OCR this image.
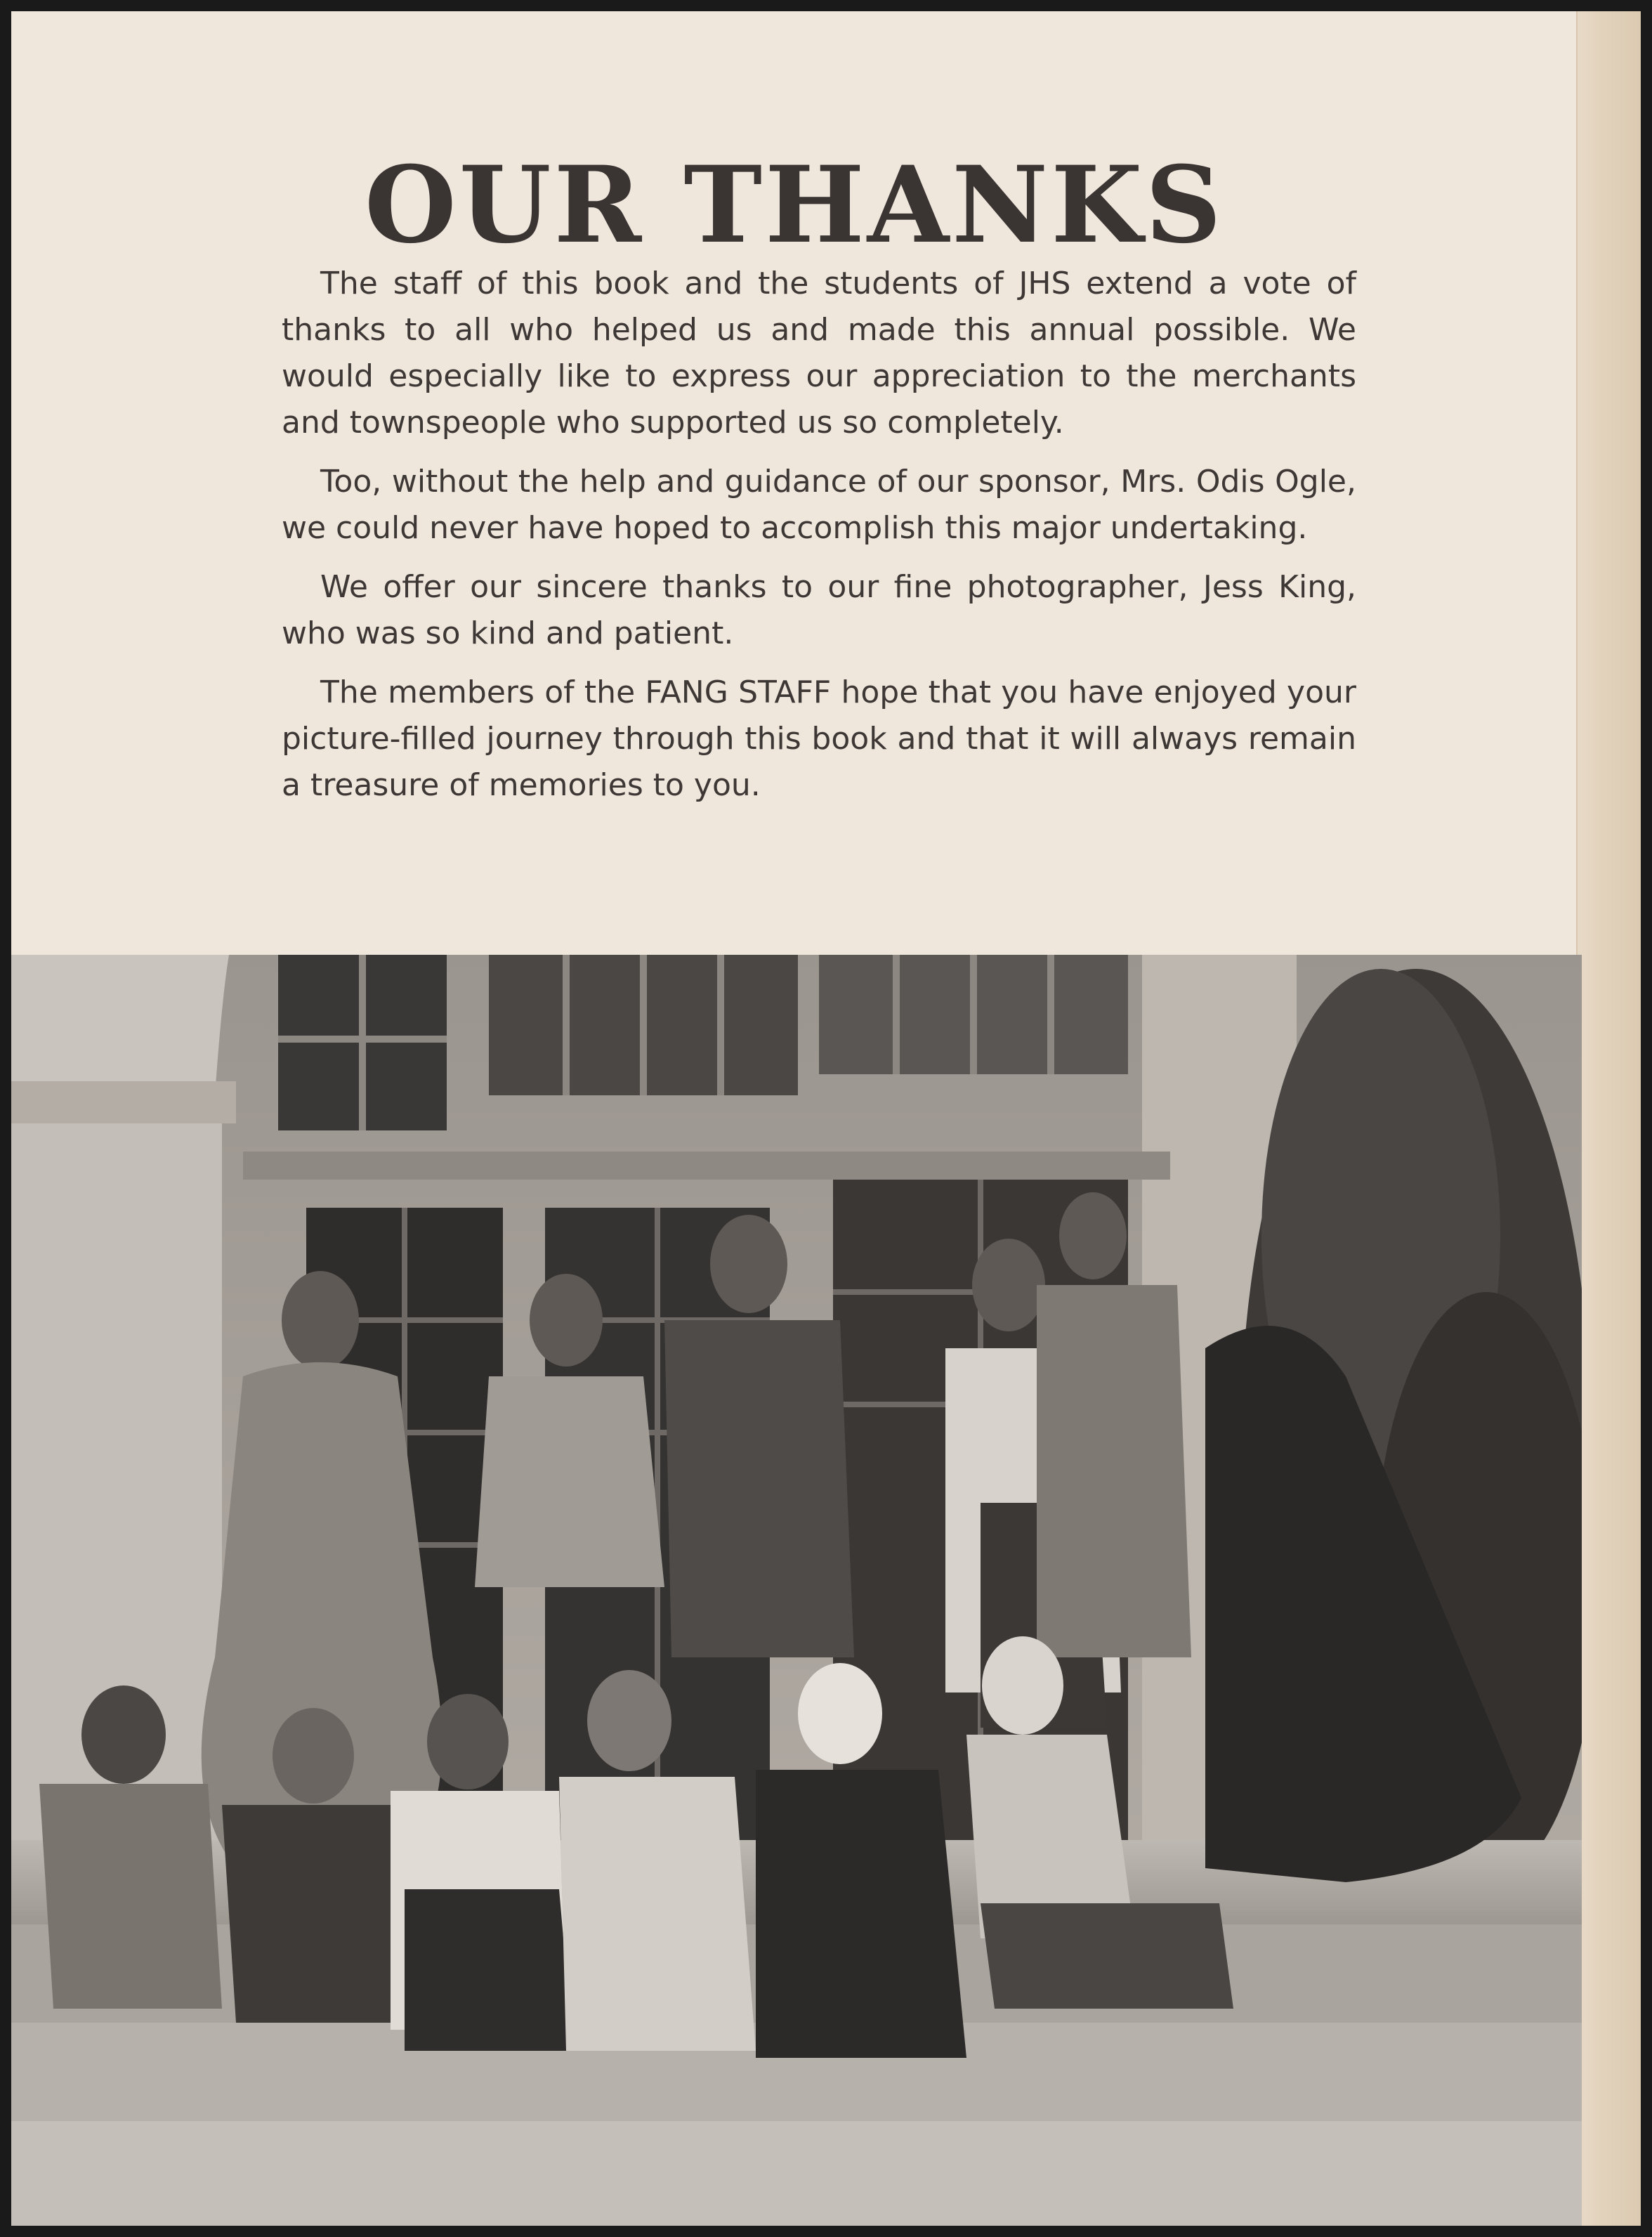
OUR THANKS

The staff of this book and the students of JHS extend a vote of thanks to all who helped us and made this annual possible. We would especially like to express our appreciation to the merchants and townspeople who supported us so completely.

Too, without the help and guidance of our sponsor, Mrs. Odis Ogle, we could never have hoped to accomplish this major undertaking.

We offer our sincere thanks to our fine photographer, Jess King, who was so kind and patient.

The members of the FANG STAFF hope that you have enjoyed your picture-filled journey through this book and that it will always remain a treasure of memories to you.
